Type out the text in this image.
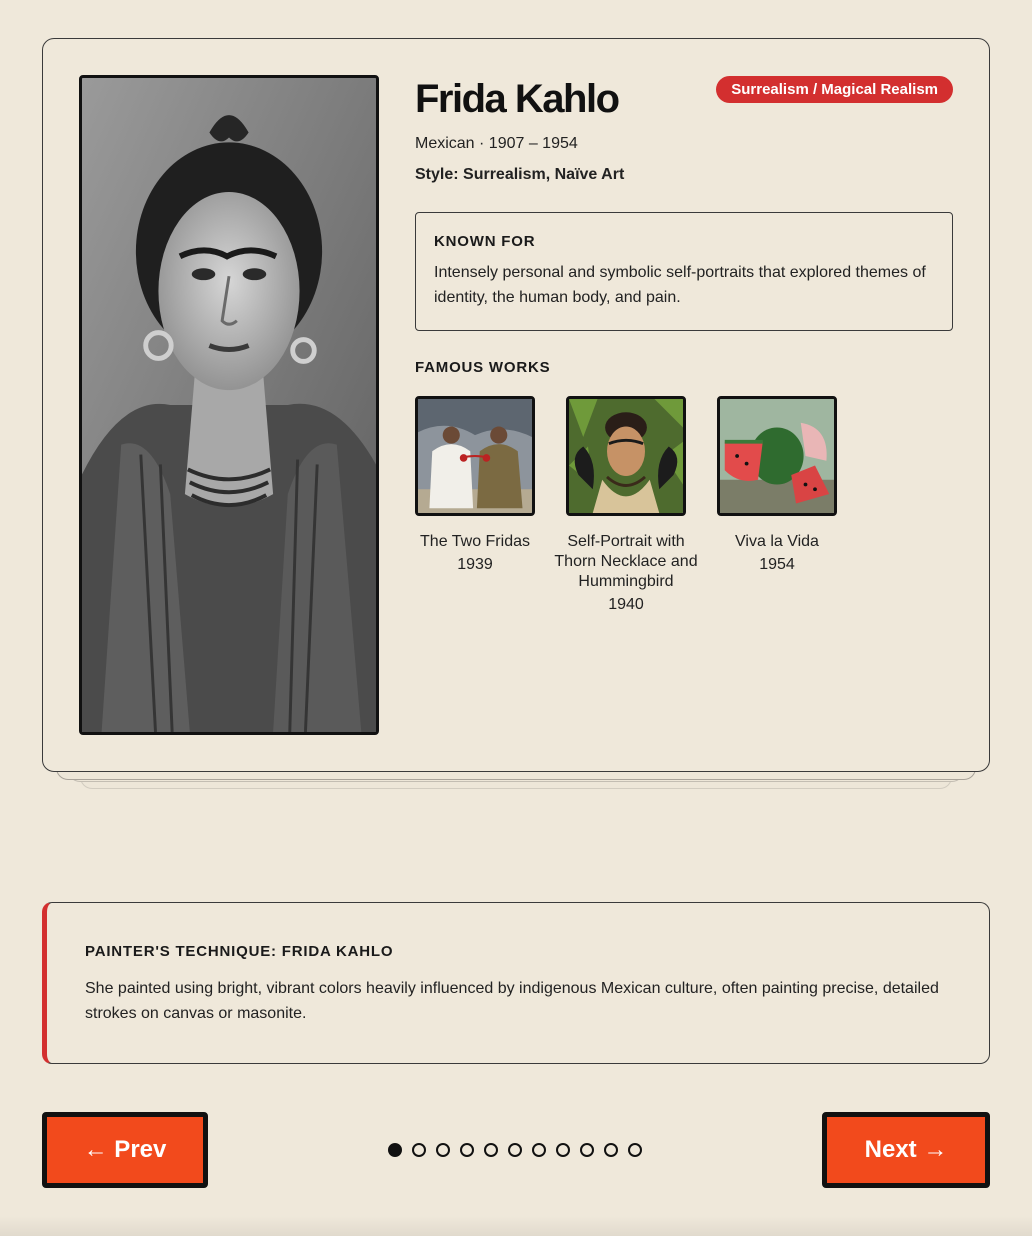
Frida Kahlo	Surrealism / Magical Realism
Mexican · 1907 – 1954
Style: Surrealism, Naïve Art
KNOWN FOR
Intensely personal and symbolic self-portraits that explored themes of identity, the human body, and pain.
FAMOUS WORKS
The Two Fridas
1939
Self-Portrait with Thorn Necklace and Hummingbird
1940
Viva la Vida
1954
PAINTER'S TECHNIQUE: FRIDA KAHLO
She painted using bright, vibrant colors heavily influenced by indigenous Mexican culture, often painting precise, detailed strokes on canvas or masonite.
← Prev	Next →
